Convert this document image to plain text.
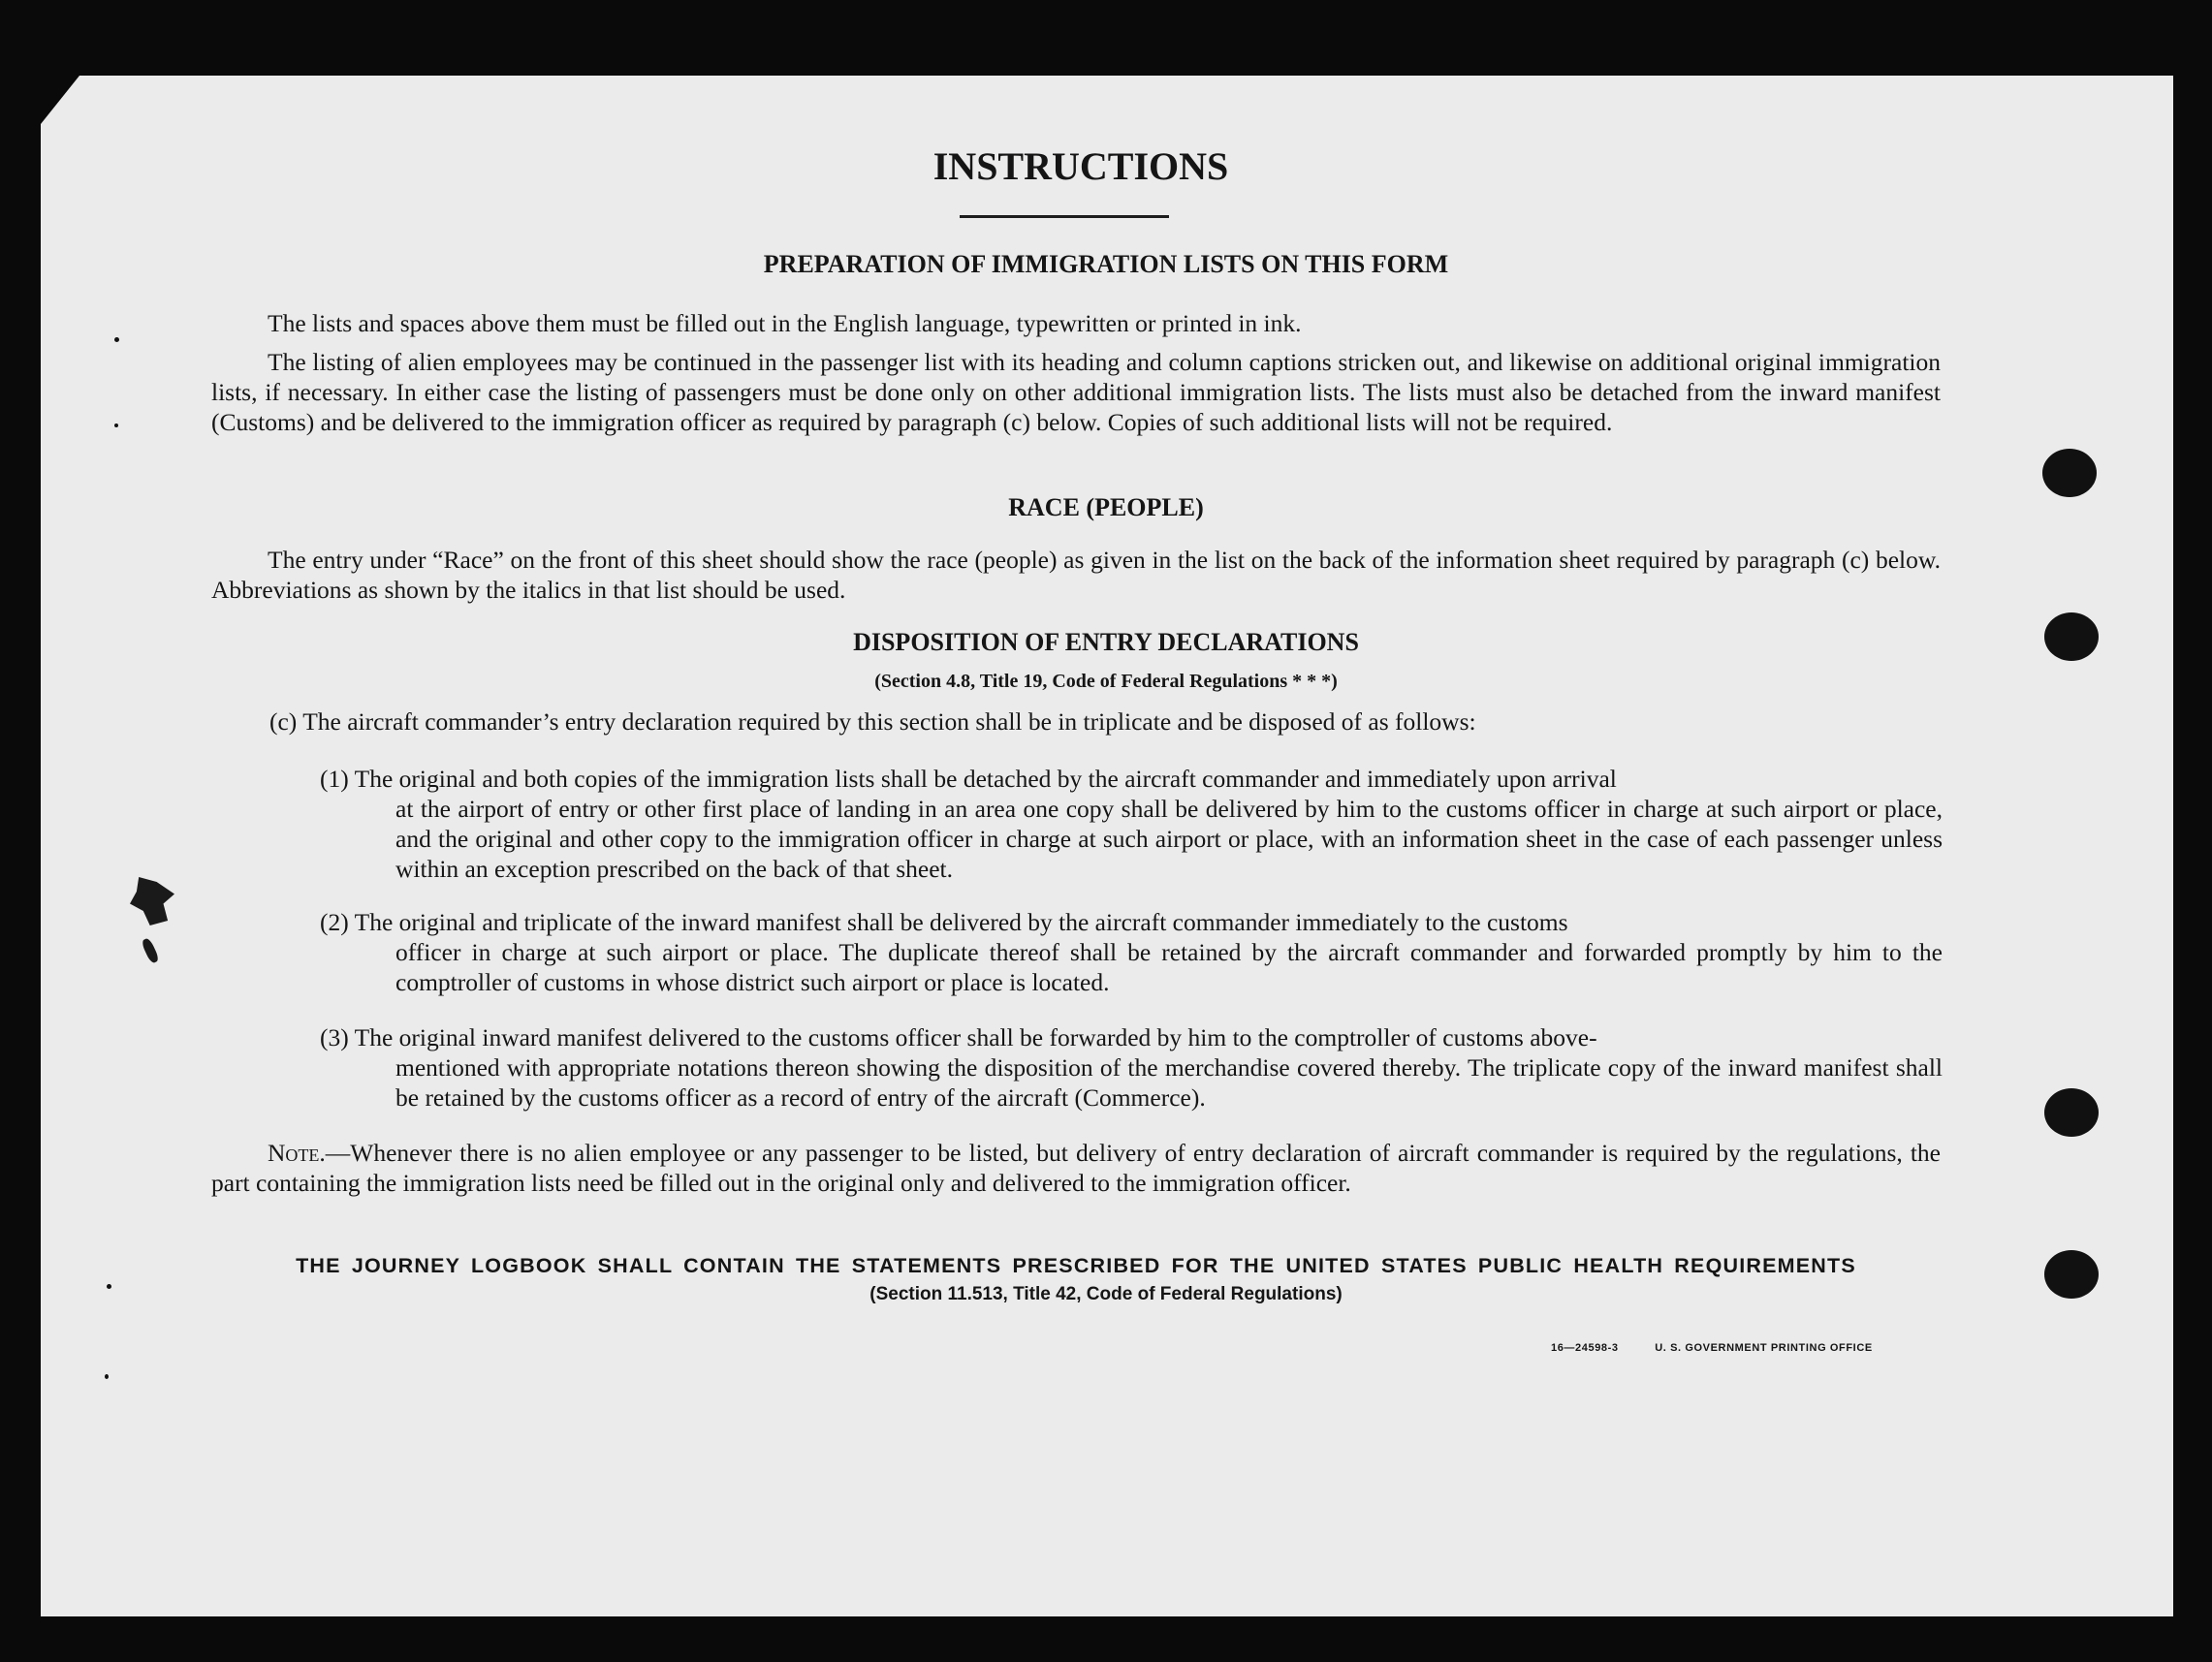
INSTRUCTIONS
PREPARATION OF IMMIGRATION LISTS ON THIS FORM
The lists and spaces above them must be filled out in the English language, typewritten or printed in ink.
The listing of alien employees may be continued in the passenger list with its heading and column captions stricken out, and likewise on additional original immigration lists, if necessary. In either case the listing of passengers must be done only on other additional immigration lists. The lists must also be detached from the inward manifest (Customs) and be delivered to the immigration officer as required by paragraph (c) below. Copies of such additional lists will not be required.
RACE (PEOPLE)
The entry under “Race” on the front of this sheet should show the race (people) as given in the list on the back of the information sheet required by paragraph (c) below. Abbreviations as shown by the italics in that list should be used.
DISPOSITION OF ENTRY DECLARATIONS
(Section 4.8, Title 19, Code of Federal Regulations * * *)
(c) The aircraft commander’s entry declaration required by this section shall be in triplicate and be disposed of as follows:
(1) The original and both copies of the immigration lists shall be detached by the aircraft commander and immediately upon arrival
at the airport of entry or other first place of landing in an area one copy shall be delivered by him to the customs officer in charge at such airport or place, and the original and other copy to the immigration officer in charge at such airport or place, with an information sheet in the case of each passenger unless within an exception prescribed on the back of that sheet.
(2) The original and triplicate of the inward manifest shall be delivered by the aircraft commander immediately to the customs
officer in charge at such airport or place. The duplicate thereof shall be retained by the aircraft commander and forwarded promptly by him to the comptroller of customs in whose district such airport or place is located.
(3) The original inward manifest delivered to the customs officer shall be forwarded by him to the comptroller of customs above-
mentioned with appropriate notations thereon showing the disposition of the merchandise covered thereby. The triplicate copy of the inward manifest shall be retained by the customs officer as a record of entry of the aircraft (Commerce).
Note.—Whenever there is no alien employee or any passenger to be listed, but delivery of entry declaration of aircraft commander is required by the regulations, the part containing the immigration lists need be filled out in the original only and delivered to the immigration officer.
THE JOURNEY LOGBOOK SHALL CONTAIN THE STATEMENTS PRESCRIBED FOR THE UNITED STATES PUBLIC HEALTH REQUIREMENTS
(Section 11.513, Title 42, Code of Federal Regulations)
16—24598-3	U. S. GOVERNMENT PRINTING OFFICE
